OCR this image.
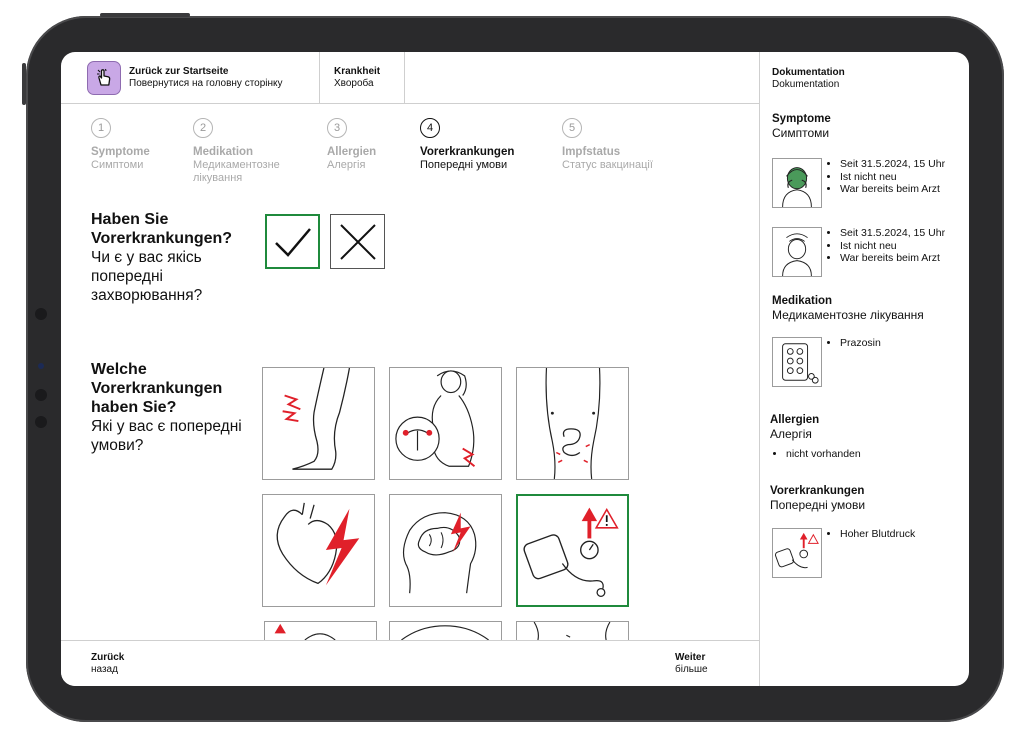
Zurück zur Startseite
Повернутися на головну сторінку
Krankheit
Хвороба
1
Symptome
Симптоми
2
Medikation
Медикаментозне лікування
3
Allergien
Алергія
4
Vorerkrankungen
Попередні умови
5
Impfstatus
Статус вакцинації
Haben Sie Vorerkrankungen?
Чи є у вас якісь попередні захворювання?
Welche Vorerkrankungen haben Sie?
Які у вас є попередні умови?
Zurück
назад
Weiter
більше
Dokumentation
Dokumentation
Symptome
Симптоми
• Seit 31.5.2024, 15 Uhr
• Ist nicht neu
• War bereits beim Arzt
• Seit 31.5.2024, 15 Uhr
• Ist nicht neu
• War bereits beim Arzt
Medikation
Медикаментозне лікування
• Prazosin
Allergien
Алергія
• nicht vorhanden
Vorerkrankungen
Попередні умови
• Hoher Blutdruck
